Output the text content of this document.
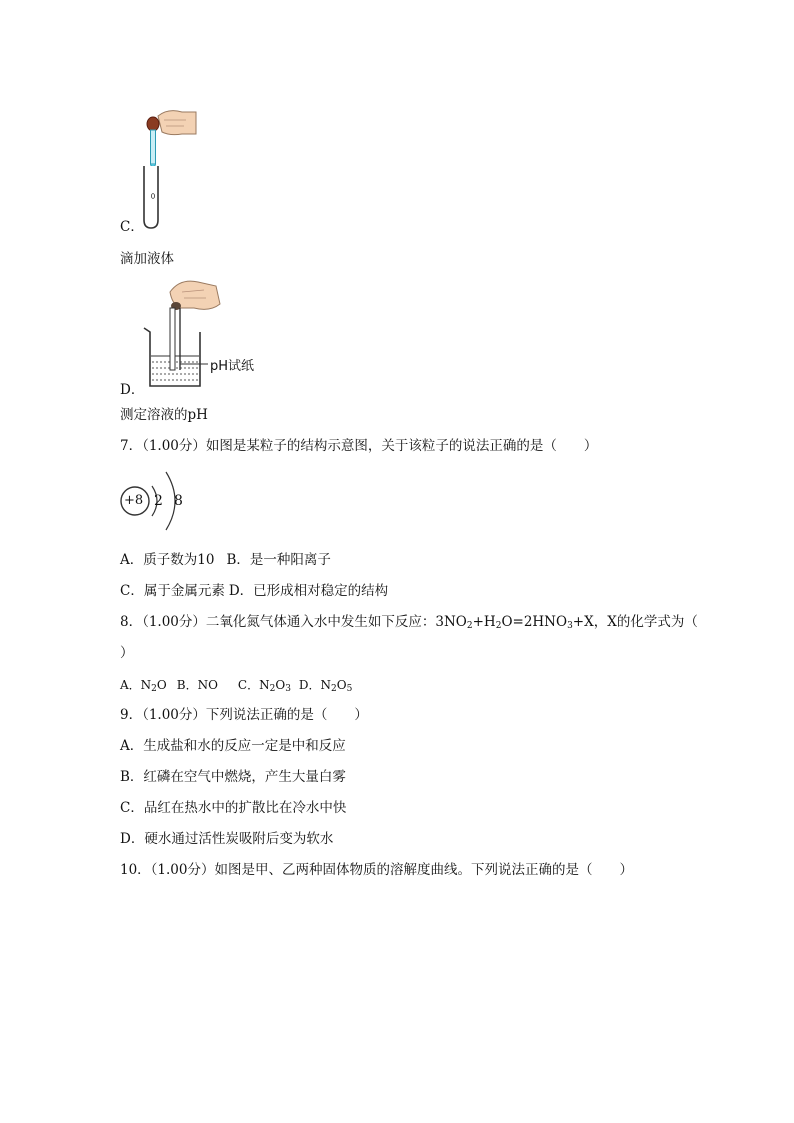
C．
滴加液体
pH试纸
D．
测定溶液的pH
7．（1.00分）如图是某粒子的结构示意图，关于该粒子的说法正确的是（　　）
+8 2 8
A．质子数为10 B．是一种阳离子
C．属于金属元素 D．已形成相对稳定的结构
8．（1.00分）二氧化氮气体通入水中发生如下反应：$3NO_2+H_2O=2HNO_3+X$，X的化学式为（
）
A．$N_2O$ B．NO C．$N_2O_3$ D．$N_2O_5$
9．（1.00分）下列说法正确的是（　　）
A．生成盐和水的反应一定是中和反应
B．红磷在空气中燃烧，产生大量白雾
C．品红在热水中的扩散比在冷水中快
D．硬水通过活性炭吸附后变为软水
10．（1.00分）如图是甲、乙两种固体物质的溶解度曲线。下列说法正确的是（　　）
